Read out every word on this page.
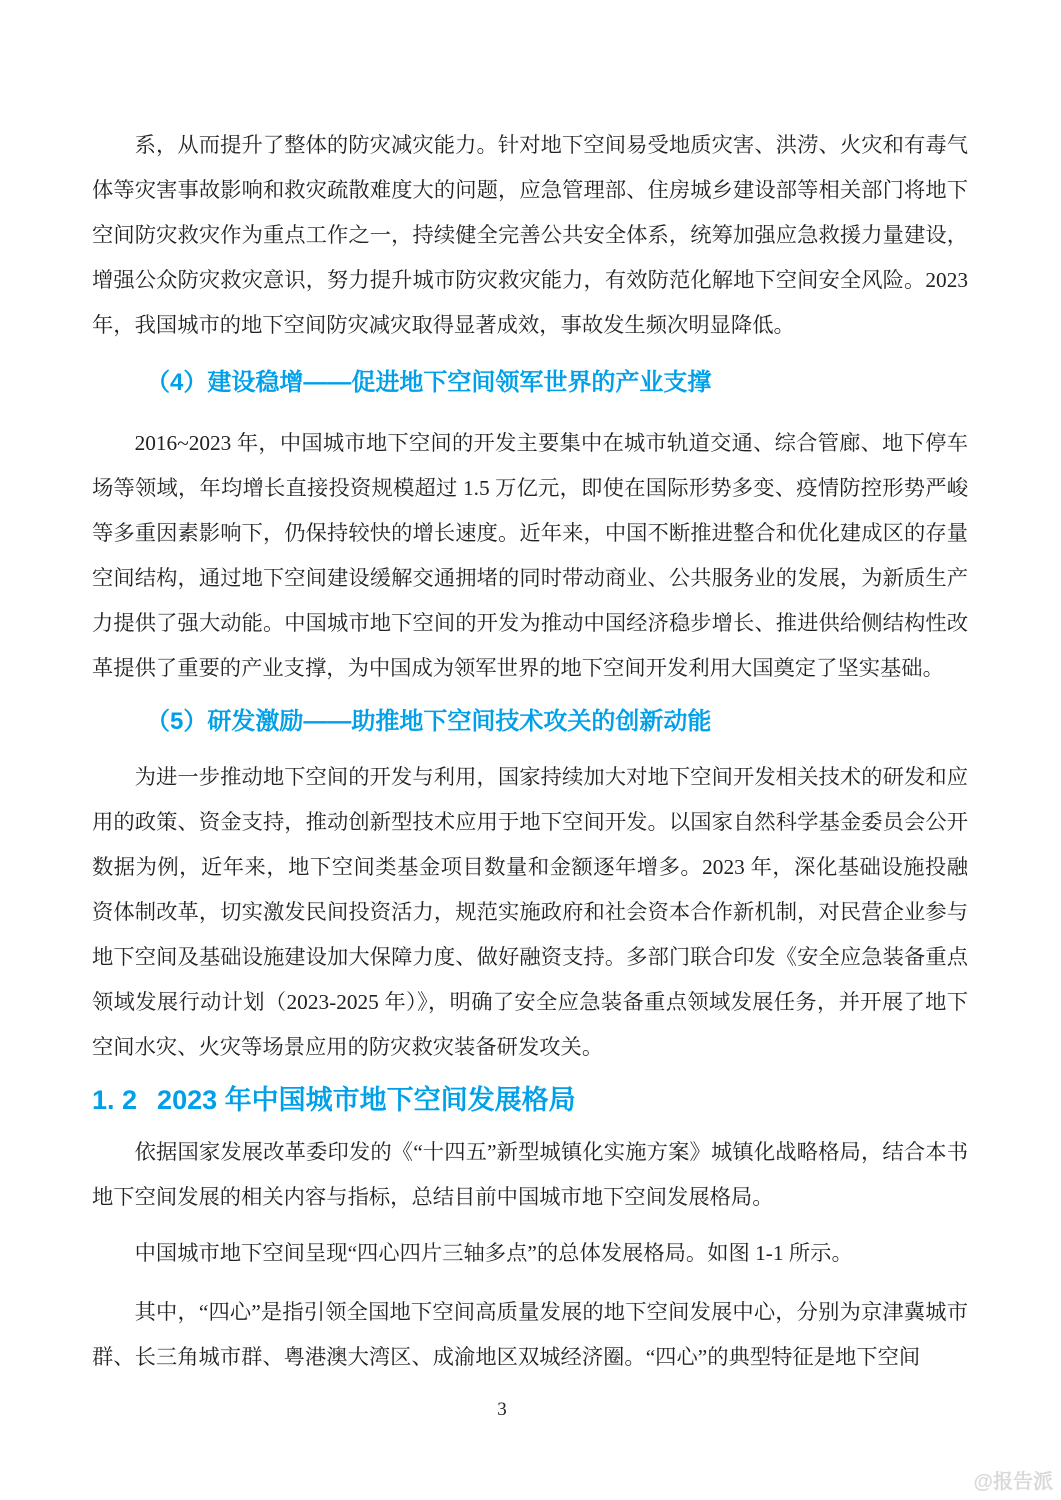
系，从而提升了整体的防灾减灾能力。针对地下空间易受地质灾害、洪涝、火灾和有毒气体等灾害事故影响和救灾疏散难度大的问题，应急管理部、住房城乡建设部等相关部门将地下空间防灾救灾作为重点工作之一，持续健全完善公共安全体系，统筹加强应急救援力量建设，增强公众防灾救灾意识，努力提升城市防灾救灾能力，有效防范化解地下空间安全风险。2023 年，我国城市的地下空间防灾减灾取得显著成效，事故发生频次明显降低。

（4）建设稳增——促进地下空间领军世界的产业支撑

2016~2023 年，中国城市地下空间的开发主要集中在城市轨道交通、综合管廊、地下停车场等领域，年均增长直接投资规模超过 1.5 万亿元，即使在国际形势多变、疫情防控形势严峻等多重因素影响下，仍保持较快的增长速度。近年来，中国不断推进整合和优化建成区的存量空间结构，通过地下空间建设缓解交通拥堵的同时带动商业、公共服务业的发展，为新质生产力提供了强大动能。中国城市地下空间的开发为推动中国经济稳步增长、推进供给侧结构性改革提供了重要的产业支撑，为中国成为领军世界的地下空间开发利用大国奠定了坚实基础。

（5）研发激励——助推地下空间技术攻关的创新动能

为进一步推动地下空间的开发与利用，国家持续加大对地下空间开发相关技术的研发和应用的政策、资金支持，推动创新型技术应用于地下空间开发。以国家自然科学基金委员会公开数据为例，近年来，地下空间类基金项目数量和金额逐年增多。2023 年，深化基础设施投融资体制改革，切实激发民间投资活力，规范实施政府和社会资本合作新机制，对民营企业参与地下空间及基础设施建设加大保障力度、做好融资支持。多部门联合印发《安全应急装备重点领域发展行动计划（2023-2025 年）》，明确了安全应急装备重点领域发展任务，并开展了地下空间水灾、火灾等场景应用的防灾救灾装备研发攻关。

1. 2 2023 年中国城市地下空间发展格局

依据国家发展改革委印发的《“十四五”新型城镇化实施方案》城镇化战略格局，结合本书地下空间发展的相关内容与指标，总结目前中国城市地下空间发展格局。

中国城市地下空间呈现“四心四片三轴多点”的总体发展格局。如图 1-1 所示。

其中，“四心”是指引领全国地下空间高质量发展的地下空间发展中心，分别为京津冀城市群、长三角城市群、粤港澳大湾区、成渝地区双城经济圈。“四心”的典型特征是地下空间

3
@报告派
